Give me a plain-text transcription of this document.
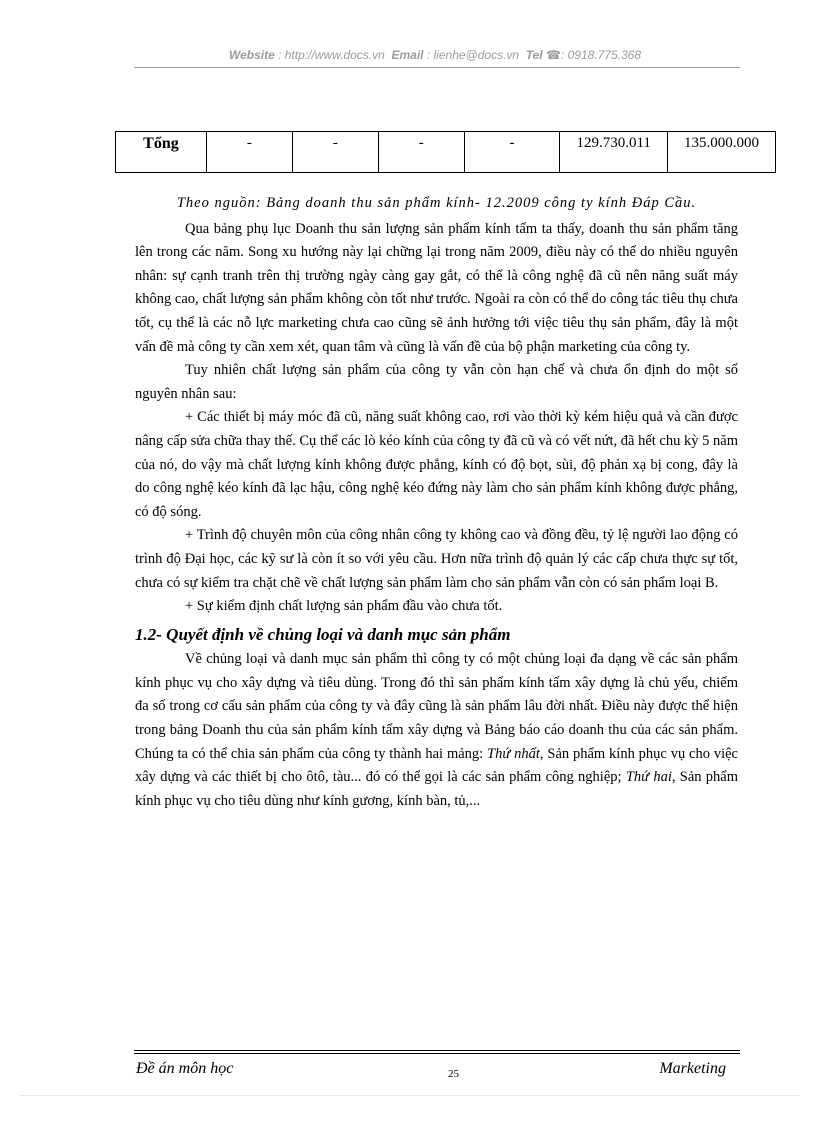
Website : http://www.docs.vn Email : lienhe@docs.vn Tel ☎: 0918.775.368
Tổng	-	-	-	-	129.730.011	135.000.000

Theo nguồn: Bảng doanh thu sản phẩm kính- 12.2009 công ty kính Đáp Cầu.

Qua bảng phụ lục Doanh thu sản lượng sản phẩm kính tấm ta thấy, doanh thu sản phẩm tăng lên trong các năm. Song xu hướng này lại chững lại trong năm 2009, điều này có thể do nhiều nguyên nhân: sự cạnh tranh trên thị trường ngày càng gay gắt, có thể là công nghệ đã cũ nên năng suất máy không cao, chất lượng sản phẩm không còn tốt như trước. Ngoài ra còn có thể do công tác tiêu thụ chưa tốt, cụ thể là các nỗ lực marketing chưa cao cũng sẽ ảnh hưởng tới việc tiêu thụ sản phẩm, đây là một vấn đề mà công ty cần xem xét, quan tâm và cũng là vấn đề của bộ phận marketing của công ty.

Tuy nhiên chất lượng sản phẩm của công ty vẫn còn hạn chế và chưa ổn định do một số nguyên nhân sau:

+ Các thiết bị máy móc đã cũ, năng suất không cao, rơi vào thời kỳ kém hiệu quả và cần được nâng cấp sửa chữa thay thế. Cụ thể các lò kéo kính của công ty đã cũ và có vết nứt, đã hết chu kỳ 5 năm của nó, do vậy mà chất lượng kính không được phẳng, kính có độ bọt, sùi, độ phản xạ bị cong, đây là do công nghệ kéo kính đã lạc hậu, công nghệ kéo đứng này làm cho sản phẩm kính không được phẳng, có độ sóng.

+ Trình độ chuyên môn của công nhân công ty không cao và đồng đều, tỷ lệ người lao động có trình độ Đại học, các kỹ sư là còn ít so với yêu cầu. Hơn nữa trình độ quản lý các cấp chưa thực sự tốt, chưa có sự kiểm tra chặt chẽ về chất lượng sản phẩm làm cho sản phẩm vẫn còn có sản phẩm loại B.

+ Sự kiểm định chất lượng sản phẩm đầu vào chưa tốt.

1.2- Quyết định về chủng loại và danh mục sản phẩm

Về chủng loại và danh mục sản phẩm thì công ty có một chủng loại đa dạng về các sản phẩm kính phục vụ cho xây dựng và tiêu dùng. Trong đó thì sản phẩm kính tấm xây dựng là chủ yếu, chiếm đa số trong cơ cấu sản phẩm của công ty và đây cũng là sản phẩm lâu đời nhất. Điều này được thể hiện trong bảng Doanh thu của sản phẩm kính tấm xây dựng và Bảng báo cáo doanh thu của các sản phẩm. Chúng ta có thể chia sản phẩm của công ty thành hai mảng: Thứ nhất, Sản phẩm kính phục vụ cho việc xây dựng và các thiết bị cho ôtô, tàu... đó có thể gọi là các sản phẩm công nghiệp; Thứ hai, Sản phẩm kính phục vụ cho tiêu dùng như kính gương, kính bàn, tủ,...

Đề án môn học	25	Marketing
